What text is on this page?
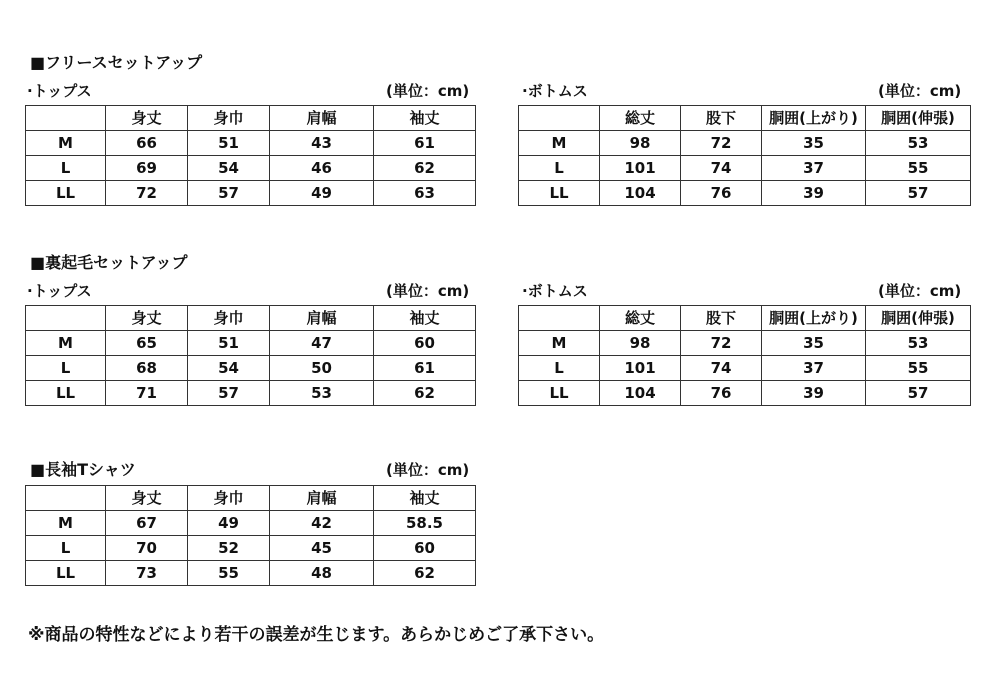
■フリースセットアップ
·トップス	(単位：cm)
	身丈	身巾	肩幅	袖丈
M	66	51	43	61
L	69	54	46	62
LL	72	57	49	63
·ボトムス	(単位：cm)
	総丈	股下	胴囲(上がり)	胴囲(伸張)
M	98	72	35	53
L	101	74	37	55
LL	104	76	39	57
■裏起毛セットアップ
·トップス	(単位：cm)
	身丈	身巾	肩幅	袖丈
M	65	51	47	60
L	68	54	50	61
LL	71	57	53	62
·ボトムス	(単位：cm)
	総丈	股下	胴囲(上がり)	胴囲(伸張)
M	98	72	35	53
L	101	74	37	55
LL	104	76	39	57
■長袖Tシャツ	(単位：cm)
	身丈	身巾	肩幅	袖丈
M	67	49	42	58.5
L	70	52	45	60
LL	73	55	48	62
※商品の特性などにより若干の誤差が生じます。あらかじめご了承下さい。
